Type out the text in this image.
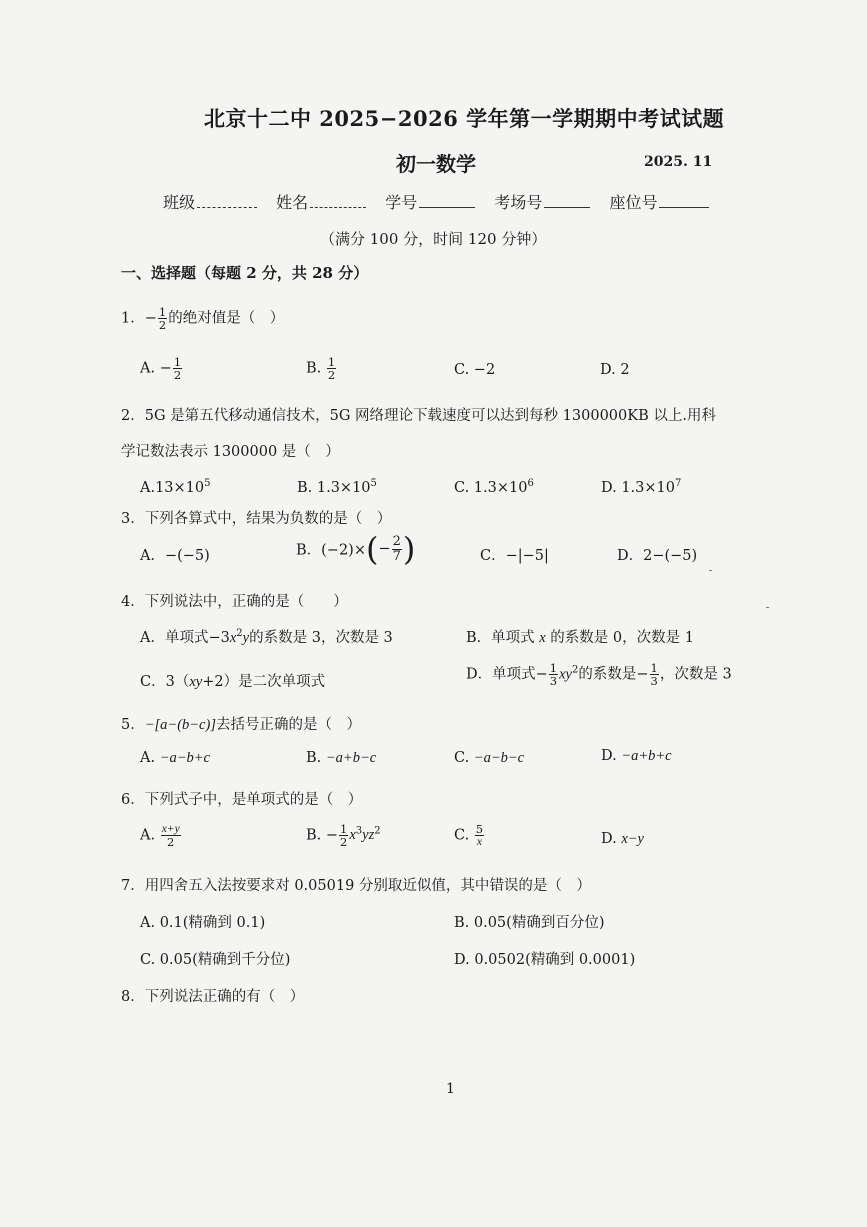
北京十二中 2025−2026 学年第一学期期中考试试题
初一数学	2025. 11
班级	姓名	学号	考场号	座位号
（满分 100 分，时间 120 分钟）
一、选择题（每题 2 分，共 28 分）
1．− $\frac{1}{2}$ 的绝对值是（　）
A. − $\frac{1}{2}$	B. $\frac{1}{2}$	C. −2	D. 2
2．5G 是第五代移动通信技术，5G 网络理论下载速度可以达到每秒 1300000KB 以上.用科
学记数法表示 1300000 是（　）
$A.13\times 10^5$	B. $1.3\times 10^5$	C. $1.3\times 10^6$	D. $1.3\times 10^7$
3．下列各算式中，结果为负数的是（　）
A．−(−5)	B．$(-2)\times(- \frac{2}{7}$ )	C．−|−5|	D．2−(−5)
4．下列说法中，正确的是（　　）
A．单项式$-3x^2y$的系数是 3，次数是 3	B．单项式 x 的系数是 0，次数是 1
C．3（xy+2）是二次单项式	D．单项式− $\frac{1}{3} xy^2$的系数是− $\frac{1}{3}$ ，次数是 3
5．−[a−(b−c)]去括号正确的是（　）
A. −a−b+c	B. −a+b−c	C. −a−b−c	D. −a+b+c
6．下列式子中，是单项式的是（　）
A. $\frac{x+y}{2}$	B. − $\frac{1}{2} x^3yz^2$	C. $\frac{5}{x}$	D. x−y
7．用四舍五入法按要求对 0.05019 分别取近似值，其中错误的是（　）
A. 0.1(精确到 0.1)	B. 0.05(精确到百分位)
C. 0.05(精确到千分位)	D. 0.0502(精确到 0.0001)
8．下列说法正确的有（　）
1
